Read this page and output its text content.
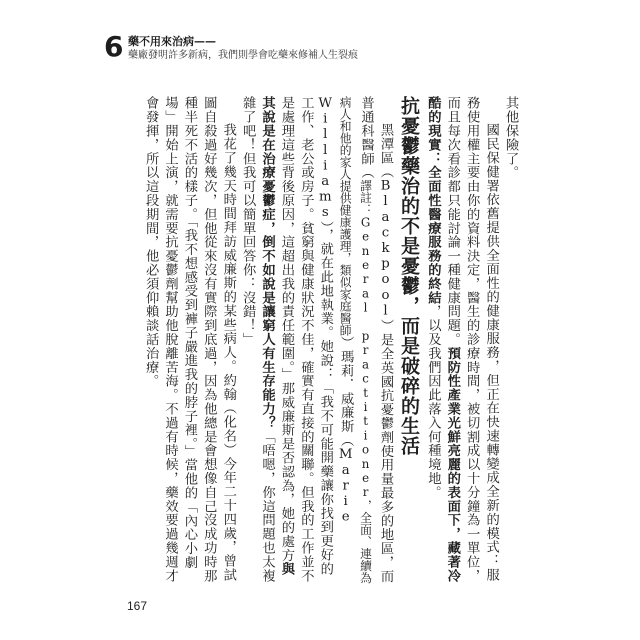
6 藥不用來治病——
藥廠發明許多新病，我們則學會吃藥來修補人生裂痕

其他保險了。

國民保健署依舊提供全面性的健康服務，但正在快速轉變成全新的模式：服務使用權主要由你的資料決定，醫生的診療時間，被切割成以十分鐘為一單位，而且每次看診都只能討論一種健康問題。預防性產業光鮮亮麗的表面下，藏著冷酷的現實：全面性醫療服務的終結，以及我們因此落入何種境地。

抗憂鬱藥治的不是憂鬱，而是破碎的生活

黑潭區（Blackpool）是全英國抗憂鬱劑使用量最多的地區，而普通科醫師（譯註：General practitioner，全面、連續為病人和他的家人提供健康護理，類似家庭醫師）瑪莉．威廉斯（Marie Williams），就在此地執業。她說：「我不可能開藥讓你找到更好的工作、老公或房子。貧窮與健康狀況不佳，確實有直接的關聯。但我的工作並不是處理這些背後原因，這超出我的責任範圍。」那威廉斯是否認為，她的處方與其說是在治療憂鬱症，倒不如說是讓窮人有生存能力？「唔嗯，你這問題也太複雜了吧！但我可以簡單回答你：沒錯！」

我花了幾天時間拜訪威廉斯的某些病人。約翰（化名）今年二十四歲，曾試圖自殺過好幾次，但他從來沒有實際到底過，因為他總是會想像自己沒成功時那種半死不活的樣子。「我不想感受到褲子嚴進我的脖子裡。」當他的「內心小劇場」開始上演，就需要抗憂鬱劑幫助他脫離苦海。不過有時候，藥效要過幾週才會發揮，所以這段期間，他必須仰賴談話治療。

167
